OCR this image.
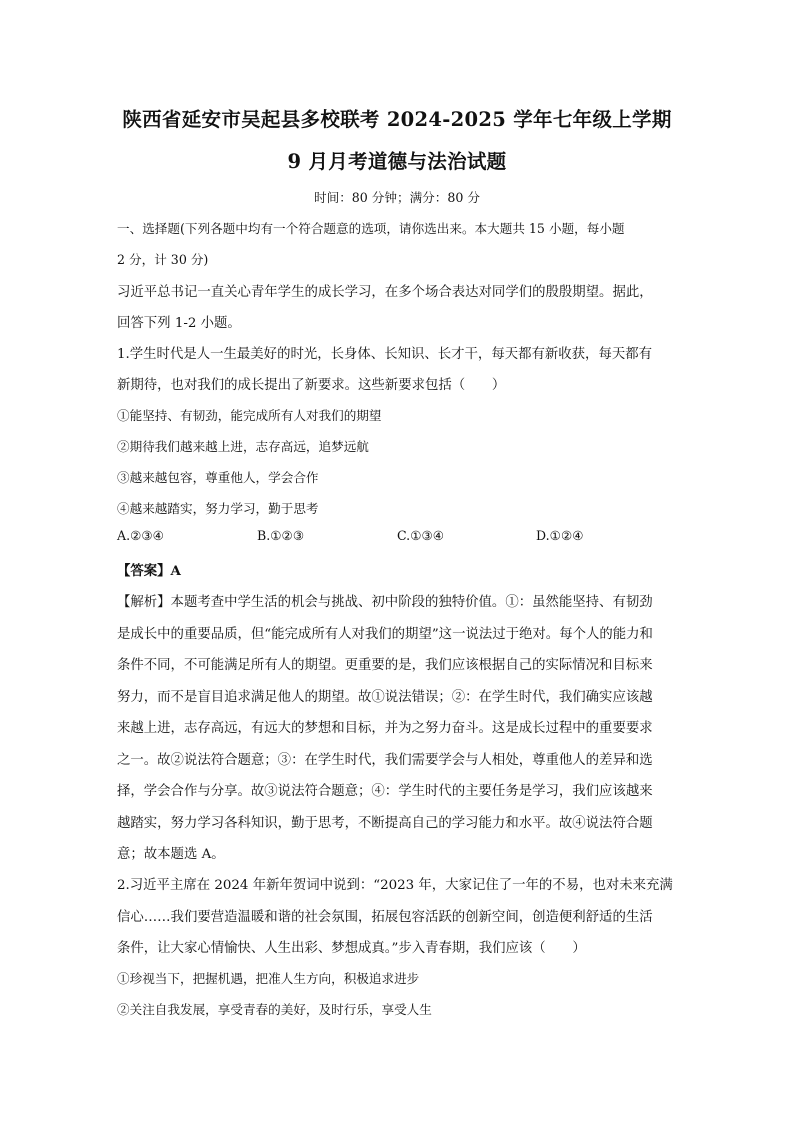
陕西省延安市吴起县多校联考 2024-2025 学年七年级上学期
9 月月考道德与法治试题
时间：80 分钟；满分：80 分
一、选择题(下列各题中均有一个符合题意的选项，请你选出来。本大题共 15 小题，每小题
2 分，计 30 分)
习近平总书记一直关心青年学生的成长学习，在多个场合表达对同学们的殷殷期望。据此，
回答下列 1-2 小题。
1.学生时代是人一生最美好的时光，长身体、长知识、长才干，每天都有新收获，每天都有
新期待，也对我们的成长提出了新要求。这些新要求包括（　　）
①能坚持、有韧劲，能完成所有人对我们的期望
②期待我们越来越上进，志存高远，追梦远航
③越来越包容，尊重他人，学会合作
④越来越踏实，努力学习，勤于思考
A.②③④	B.①②③	C.①③④	D.①②④
【答案】A
【解析】本题考查中学生活的机会与挑战、初中阶段的独特价值。①：虽然能坚持、有韧劲
是成长中的重要品质，但“能完成所有人对我们的期望”这一说法过于绝对。每个人的能力和
条件不同，不可能满足所有人的期望。更重要的是，我们应该根据自己的实际情况和目标来
努力，而不是盲目追求满足他人的期望。故①说法错误；②：在学生时代，我们确实应该越
来越上进，志存高远，有远大的梦想和目标，并为之努力奋斗。这是成长过程中的重要要求
之一。故②说法符合题意；③：在学生时代，我们需要学会与人相处，尊重他人的差异和选
择，学会合作与分享。故③说法符合题意；④：学生时代的主要任务是学习，我们应该越来
越踏实，努力学习各科知识，勤于思考，不断提高自己的学习能力和水平。故④说法符合题
意；故本题选 A。
2.习近平主席在 2024 年新年贺词中说到：“2023 年，大家记住了一年的不易，也对未来充满
信心……我们要营造温暖和谐的社会氛围，拓展包容活跃的创新空间，创造便利舒适的生活
条件，让大家心情愉快、人生出彩、梦想成真。”步入青春期，我们应该（　　）
①珍视当下，把握机遇，把准人生方向，积极追求进步
②关注自我发展，享受青春的美好，及时行乐，享受人生
